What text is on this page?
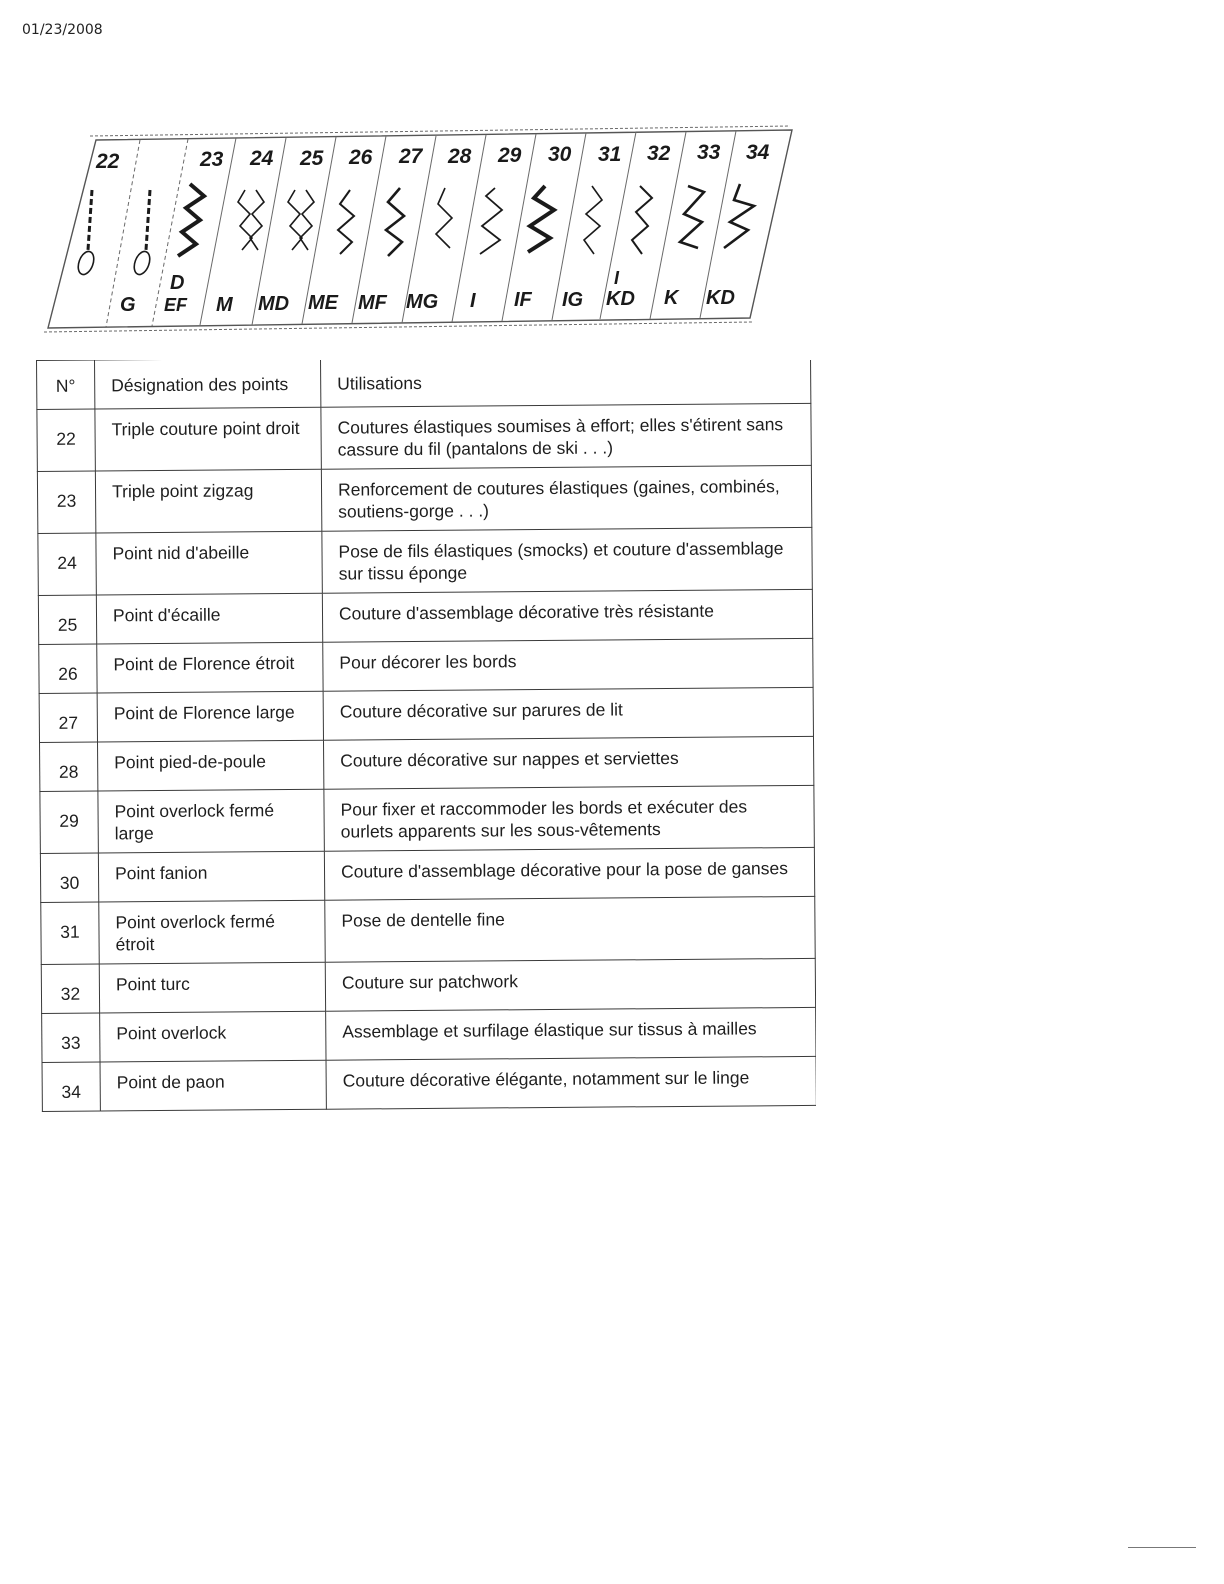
01/23/2008
22	23 24 25 26 27 28 29 30 31 32 33 34
G
D
EF M MD ME MF MG I IF IG
I
KD K KD
N°	Désignation des points	Utilisations
22	Triple couture point droit	Coutures élastiques soumises à effort; elles s'étirent sans cassure du fil (pantalons de ski . . .)
23	Triple point zigzag	Renforcement de coutures élastiques (gaines, combinés, soutiens-gorge . . .)
24	Point nid d'abeille	Pose de fils élastiques (smocks) et couture d'assemblage sur tissu éponge
25	Point d'écaille	Couture d'assemblage décorative très résistante
26	Point de Florence étroit	Pour décorer les bords
27	Point de Florence large	Couture décorative sur parures de lit
28	Point pied-de-poule	Couture décorative sur nappes et serviettes
29	Point overlock fermé large	Pour fixer et raccommoder les bords et exécuter des ourlets apparents sur les sous-vêtements
30	Point fanion	Couture d'assemblage décorative pour la pose de ganses
31	Point overlock fermé étroit	Pose de dentelle fine
32	Point turc	Couture sur patchwork
33	Point overlock	Assemblage et surfilage élastique sur tissus à mailles
34	Point de paon	Couture décorative élégante, notamment sur le linge
